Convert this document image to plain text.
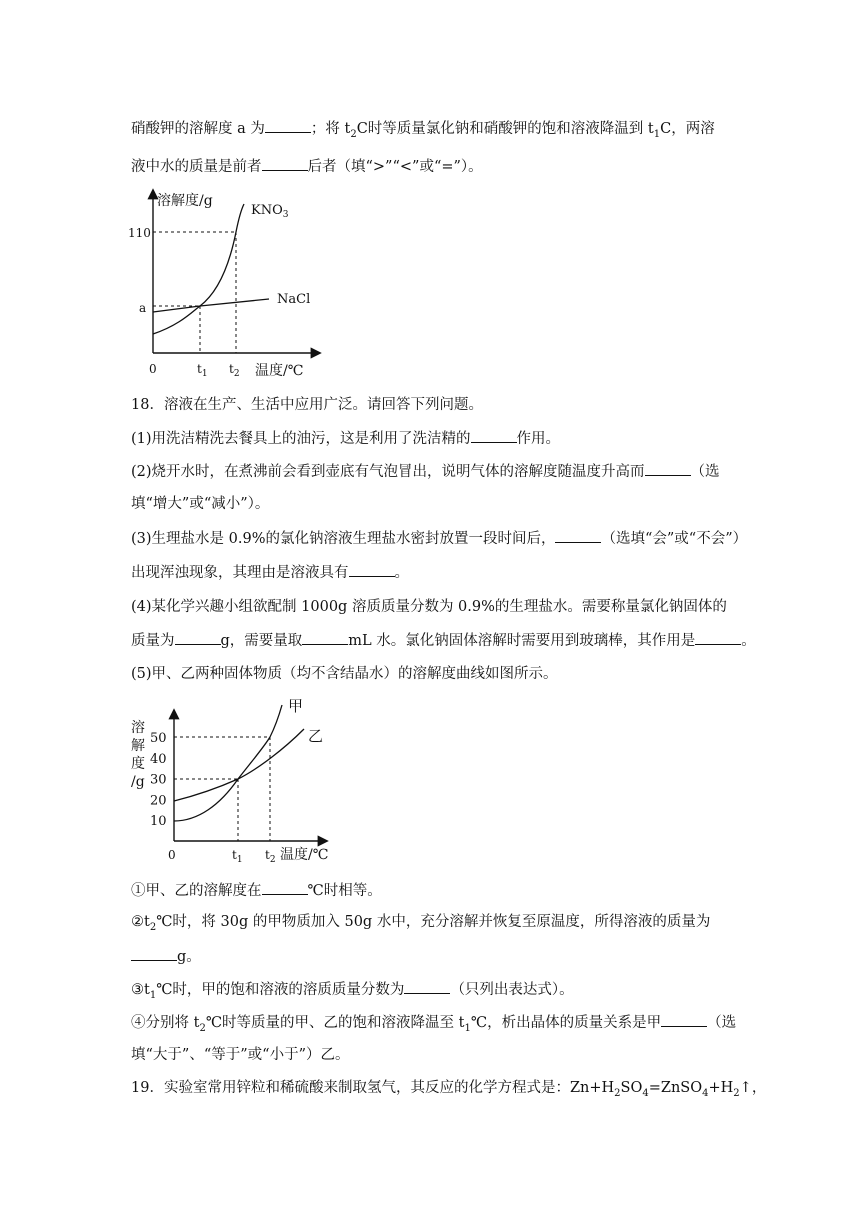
硝酸钾的溶解度 a 为	；将 $t_2C$时等质量氯化钠和硝酸钾的饱和溶液降温到 $t_1C$，两溶
液中水的质量是前者	后者（填“>”“<”或“=”）。
溶解度/g
温度/℃
0
110
a
$t_1$ $t_2$
$KNO_3$
NaCl
18．溶液在生产、生活中应用广泛。请回答下列问题。
(1)用洗洁精洗去餐具上的油污，这是利用了洗洁精的	作用。
(2)烧开水时，在煮沸前会看到壶底有气泡冒出，说明气体的溶解度随温度升高而	（选
填“增大”或“减小”）。
(3)生理盐水是 0.9%的氯化钠溶液生理盐水密封放置一段时间后，	（选填“会”或“不会”）
出现浑浊现象，其理由是溶液具有	。
(4)某化学兴趣小组欲配制 1000g 溶质质量分数为 0.9%的生理盐水。需要称量氯化钠固体的
质量为	g，需要量取	mL 水。氯化钠固体溶解时需要用到玻璃棒，其作用是	。
(5)甲、乙两种固体物质（均不含结晶水）的溶解度曲线如图所示。
溶
解
度
/g
温度/℃
0
10
20
30
40
50
$t_1$ $t_2$
甲
乙
①甲、乙的溶解度在	℃时相等。
$②t_2℃$时，将 30g 的甲物质加入 50g 水中，充分溶解并恢复至原温度，所得溶液的质量为
g。
$③t_1℃$时，甲的饱和溶液的溶质质量分数为	（只列出表达式）。
④分别将 $t_2℃$时等质量的甲、乙的饱和溶液降温至 $t_1℃$，析出晶体的质量关系是甲	（选
填“大于”、“等于”或“小于”）乙。
19．实验室常用锌粒和稀硫酸来制取氢气，其反应的化学方程式是：$Zn+H_2SO_4=ZnSO_4+H_2↑$，
